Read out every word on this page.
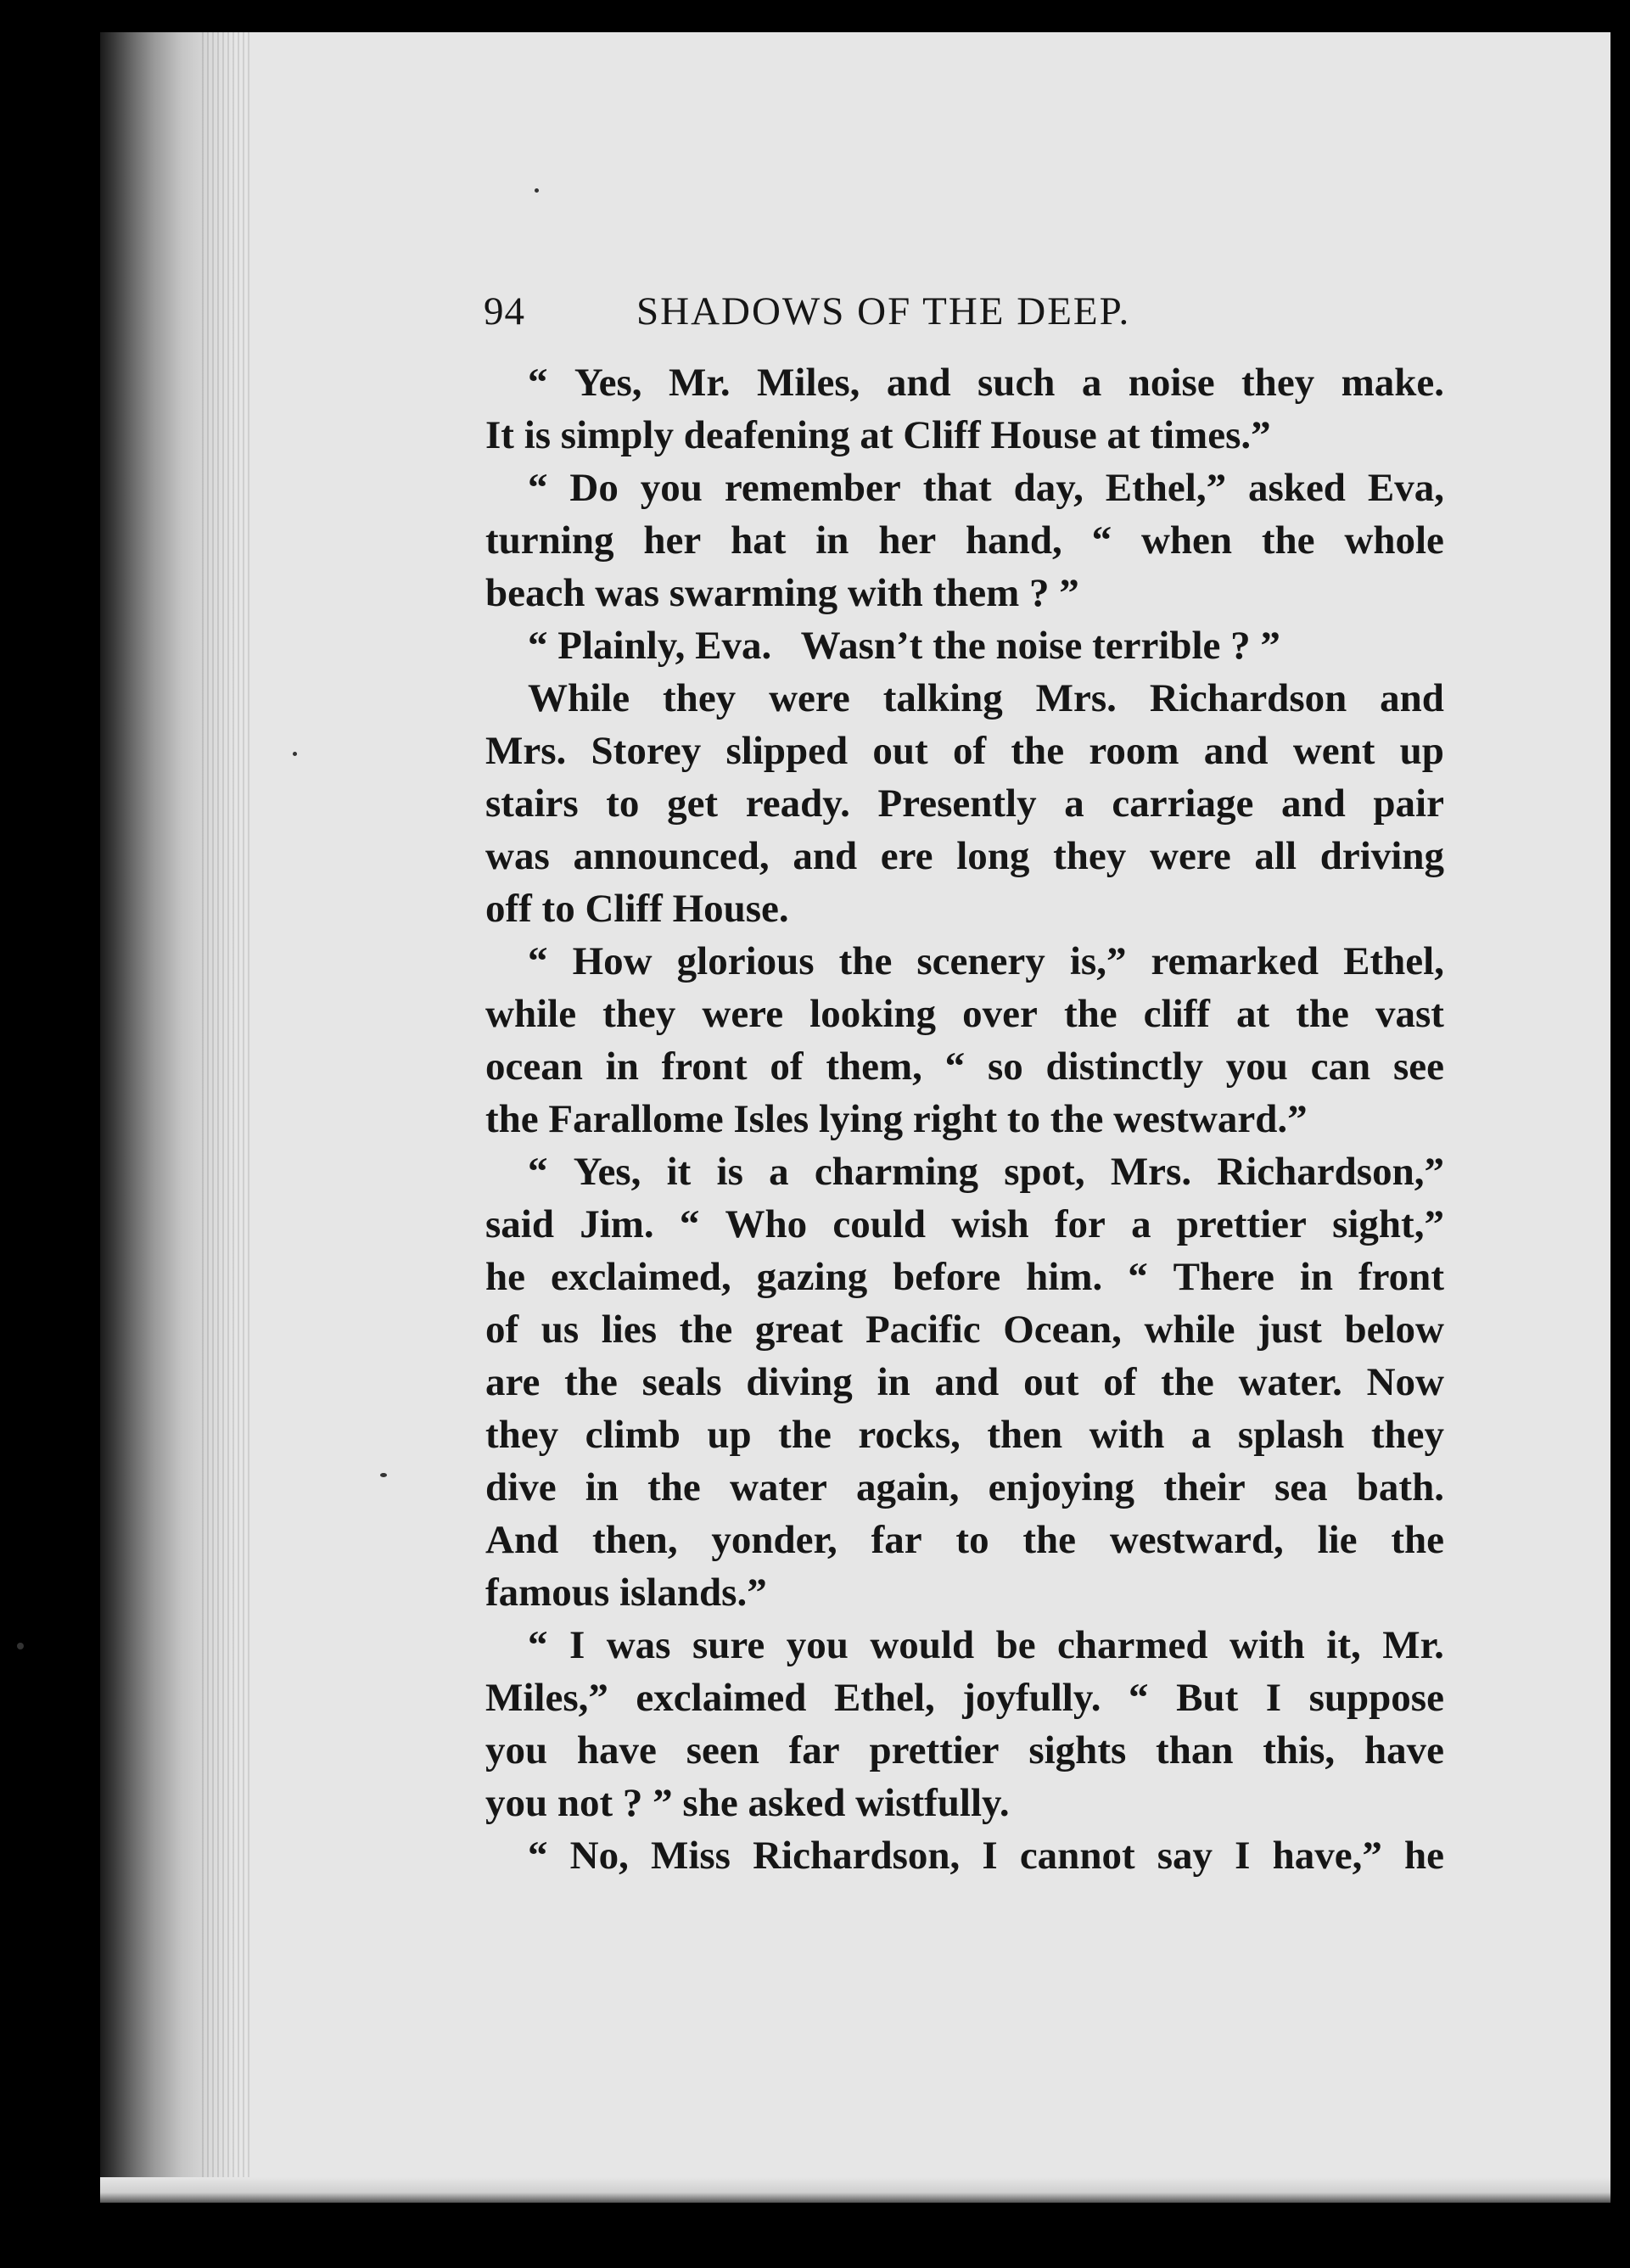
94	SHADOWS OF THE DEEP.
“ Yes, Mr. Miles, and such a noise they make.
It is simply deafening at Cliff House at times.”
“ Do you remember that day, Ethel,” asked Eva,
turning her hat in her hand, “ when the whole
beach was swarming with them ? ”
“ Plainly, Eva.   Wasn’t the noise terrible ? ”
While they were talking Mrs. Richardson and
Mrs. Storey slipped out of the room and went up
stairs to get ready. Presently a carriage and pair
was announced, and ere long they were all driving
off to Cliff House.
“ How glorious the scenery is,” remarked Ethel,
while they were looking over the cliff at the vast
ocean in front of them, “ so distinctly you can see
the Farallome Isles lying right to the westward.”
“ Yes, it is a charming spot, Mrs. Richardson,”
said Jim. “ Who could wish for a prettier sight,”
he exclaimed, gazing before him. “ There in front
of us lies the great Pacific Ocean, while just below
are the seals diving in and out of the water. Now
they climb up the rocks, then with a splash they
dive in the water again, enjoying their sea bath.
And then, yonder, far to the westward, lie the
famous islands.”
“ I was sure you would be charmed with it, Mr.
Miles,” exclaimed Ethel, joyfully. “ But I suppose
you have seen far prettier sights than this, have
you not ? ” she asked wistfully.
“ No, Miss Richardson, I cannot say I have,” he
